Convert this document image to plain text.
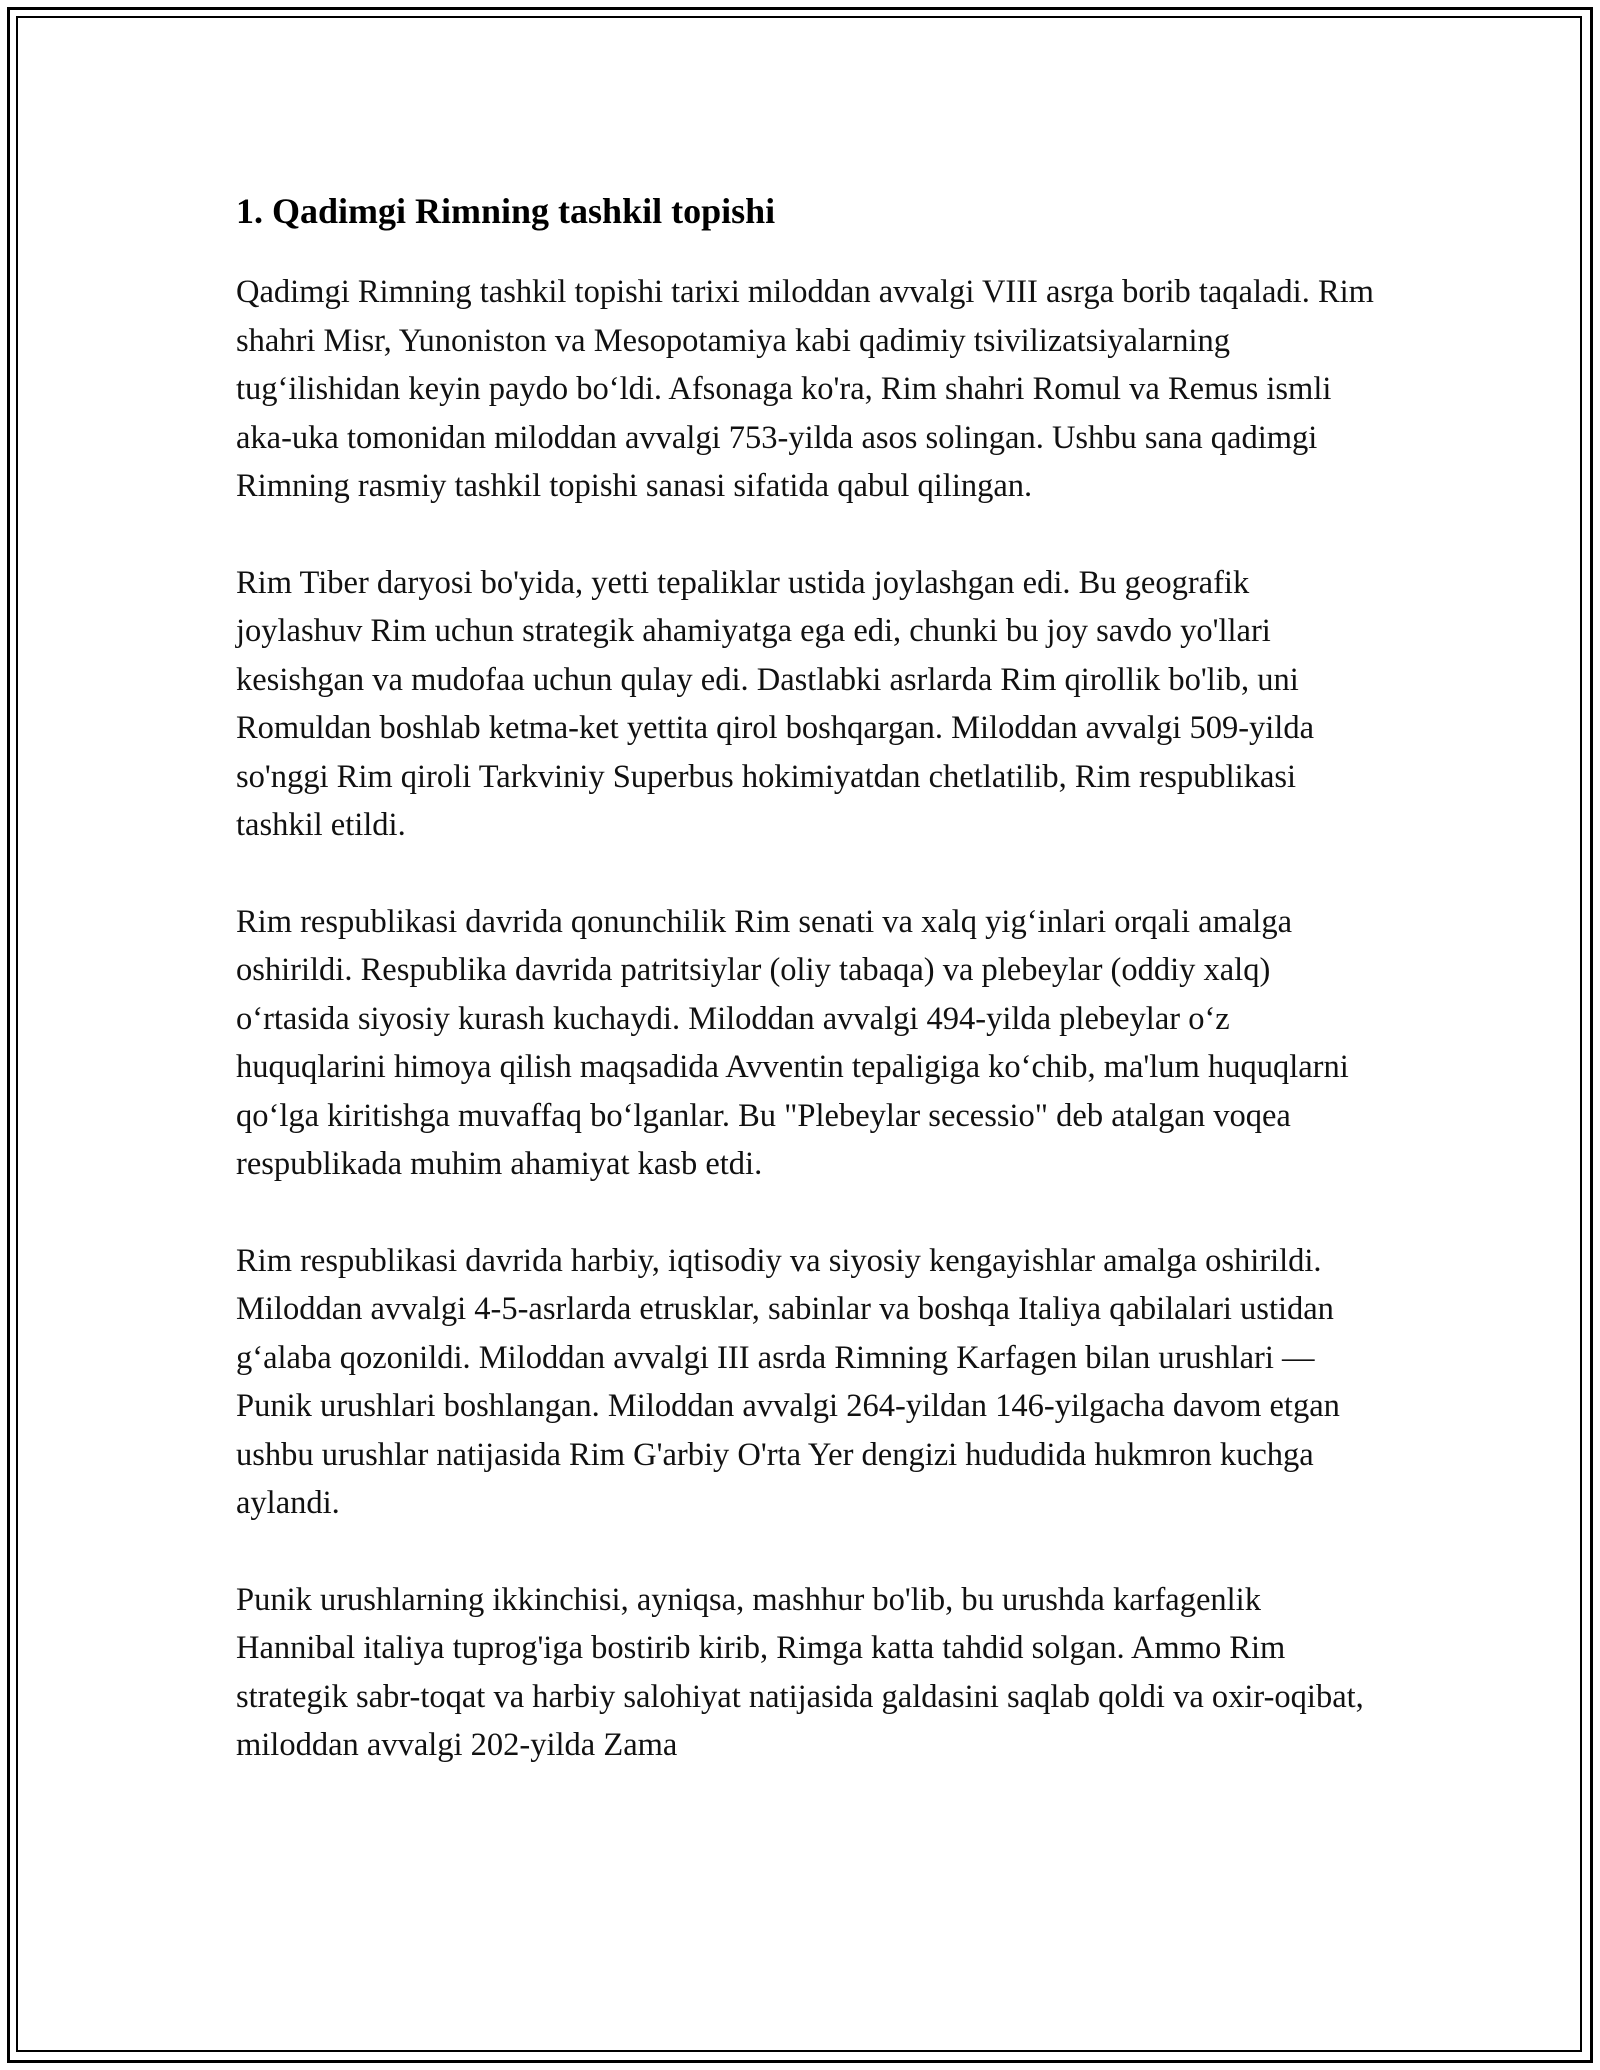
1. Qadimgi Rimning tashkil topishi

Qadimgi Rimning tashkil topishi tarixi miloddan avvalgi VIII asrga borib taqaladi. Rim shahri Misr, Yunoniston va Mesopotamiya kabi qadimiy tsivilizatsiyalarning tug‘ilishidan keyin paydo bo‘ldi. Afsonaga ko'ra, Rim shahri Romul va Remus ismli aka-uka tomonidan miloddan avvalgi 753-yilda asos solingan. Ushbu sana qadimgi Rimning rasmiy tashkil topishi sanasi sifatida qabul qilingan.

Rim Tiber daryosi bo'yida, yetti tepaliklar ustida joylashgan edi. Bu geografik joylashuv Rim uchun strategik ahamiyatga ega edi, chunki bu joy savdo yo'llari kesishgan va mudofaa uchun qulay edi. Dastlabki asrlarda Rim qirollik bo'lib, uni Romuldan boshlab ketma-ket yettita qirol boshqargan. Miloddan avvalgi 509-yilda so'nggi Rim qiroli Tarkviniy Superbus hokimiyatdan chetlatilib, Rim respublikasi tashkil etildi.

Rim respublikasi davrida qonunchilik Rim senati va xalq yig‘inlari orqali amalga oshirildi. Respublika davrida patritsiylar (oliy tabaqa) va plebeylar (oddiy xalq) o‘rtasida siyosiy kurash kuchaydi. Miloddan avvalgi 494-yilda plebeylar o‘z huquqlarini himoya qilish maqsadida Avventin tepaligiga ko‘chib, ma'lum huquqlarni qo‘lga kiritishga muvaffaq bo‘lganlar. Bu "Plebeylar secessio" deb atalgan voqea respublikada muhim ahamiyat kasb etdi.

Rim respublikasi davrida harbiy, iqtisodiy va siyosiy kengayishlar amalga oshirildi. Miloddan avvalgi 4-5-asrlarda etrusklar, sabinlar va boshqa Italiya qabilalari ustidan g‘alaba qozonildi. Miloddan avvalgi III asrda Rimning Karfagen bilan urushlari — Punik urushlari boshlangan. Miloddan avvalgi 264-yildan 146-yilgacha davom etgan ushbu urushlar natijasida Rim G'arbiy O'rta Yer dengizi hududida hukmron kuchga aylandi.

Punik urushlarning ikkinchisi, ayniqsa, mashhur bo'lib, bu urushda karfagenlik Hannibal italiya tuprog'iga bostirib kirib, Rimga katta tahdid solgan. Ammo Rim strategik sabr-toqat va harbiy salohiyat natijasida galdasini saqlab qoldi va oxir-oqibat, miloddan avvalgi 202-yilda Zama
